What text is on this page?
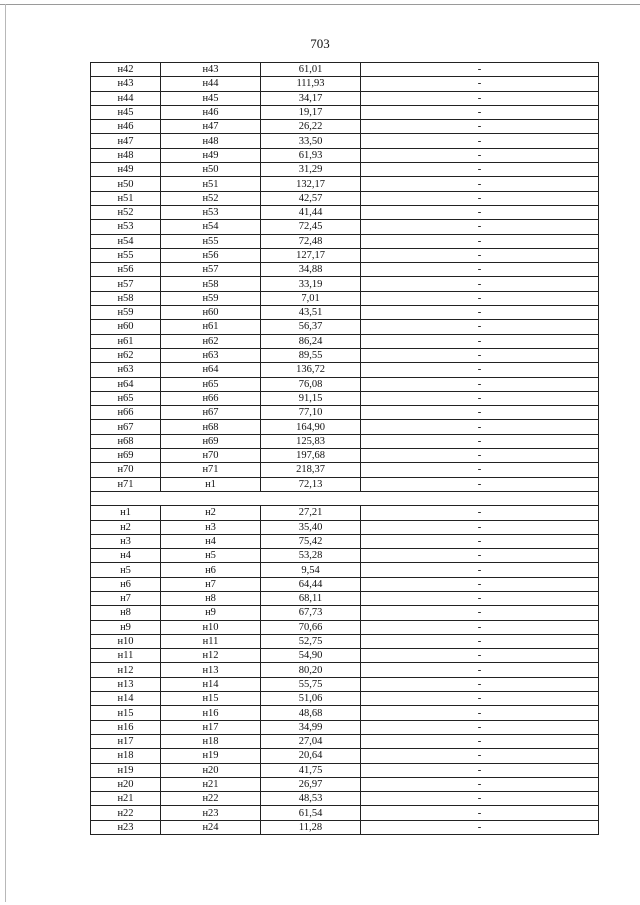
703
н42	н43	61,01	-
н43	н44	111,93	-
н44	н45	34,17	-
н45	н46	19,17	-
н46	н47	26,22	-
н47	н48	33,50	-
н48	н49	61,93	-
н49	н50	31,29	-
н50	н51	132,17	-
н51	н52	42,57	-
н52	н53	41,44	-
н53	н54	72,45	-
н54	н55	72,48	-
н55	н56	127,17	-
н56	н57	34,88	-
н57	н58	33,19	-
н58	н59	7,01	-
н59	н60	43,51	-
н60	н61	56,37	-
н61	н62	86,24	-
н62	н63	89,55	-
н63	н64	136,72	-
н64	н65	76,08	-
н65	н66	91,15	-
н66	н67	77,10	-
н67	н68	164,90	-
н68	н69	125,83	-
н69	н70	197,68	-
н70	н71	218,37	-
н71	н1	72,13	-

н1	н2	27,21	-
н2	н3	35,40	-
н3	н4	75,42	-
н4	н5	53,28	-
н5	н6	9,54	-
н6	н7	64,44	-
н7	н8	68,11	-
н8	н9	67,73	-
н9	н10	70,66	-
н10	н11	52,75	-
н11	н12	54,90	-
н12	н13	80,20	-
н13	н14	55,75	-
н14	н15	51,06	-
н15	н16	48,68	-
н16	н17	34,99	-
н17	н18	27,04	-
н18	н19	20,64	-
н19	н20	41,75	-
н20	н21	26,97	-
н21	н22	48,53	-
н22	н23	61,54	-
н23	н24	11,28	-
